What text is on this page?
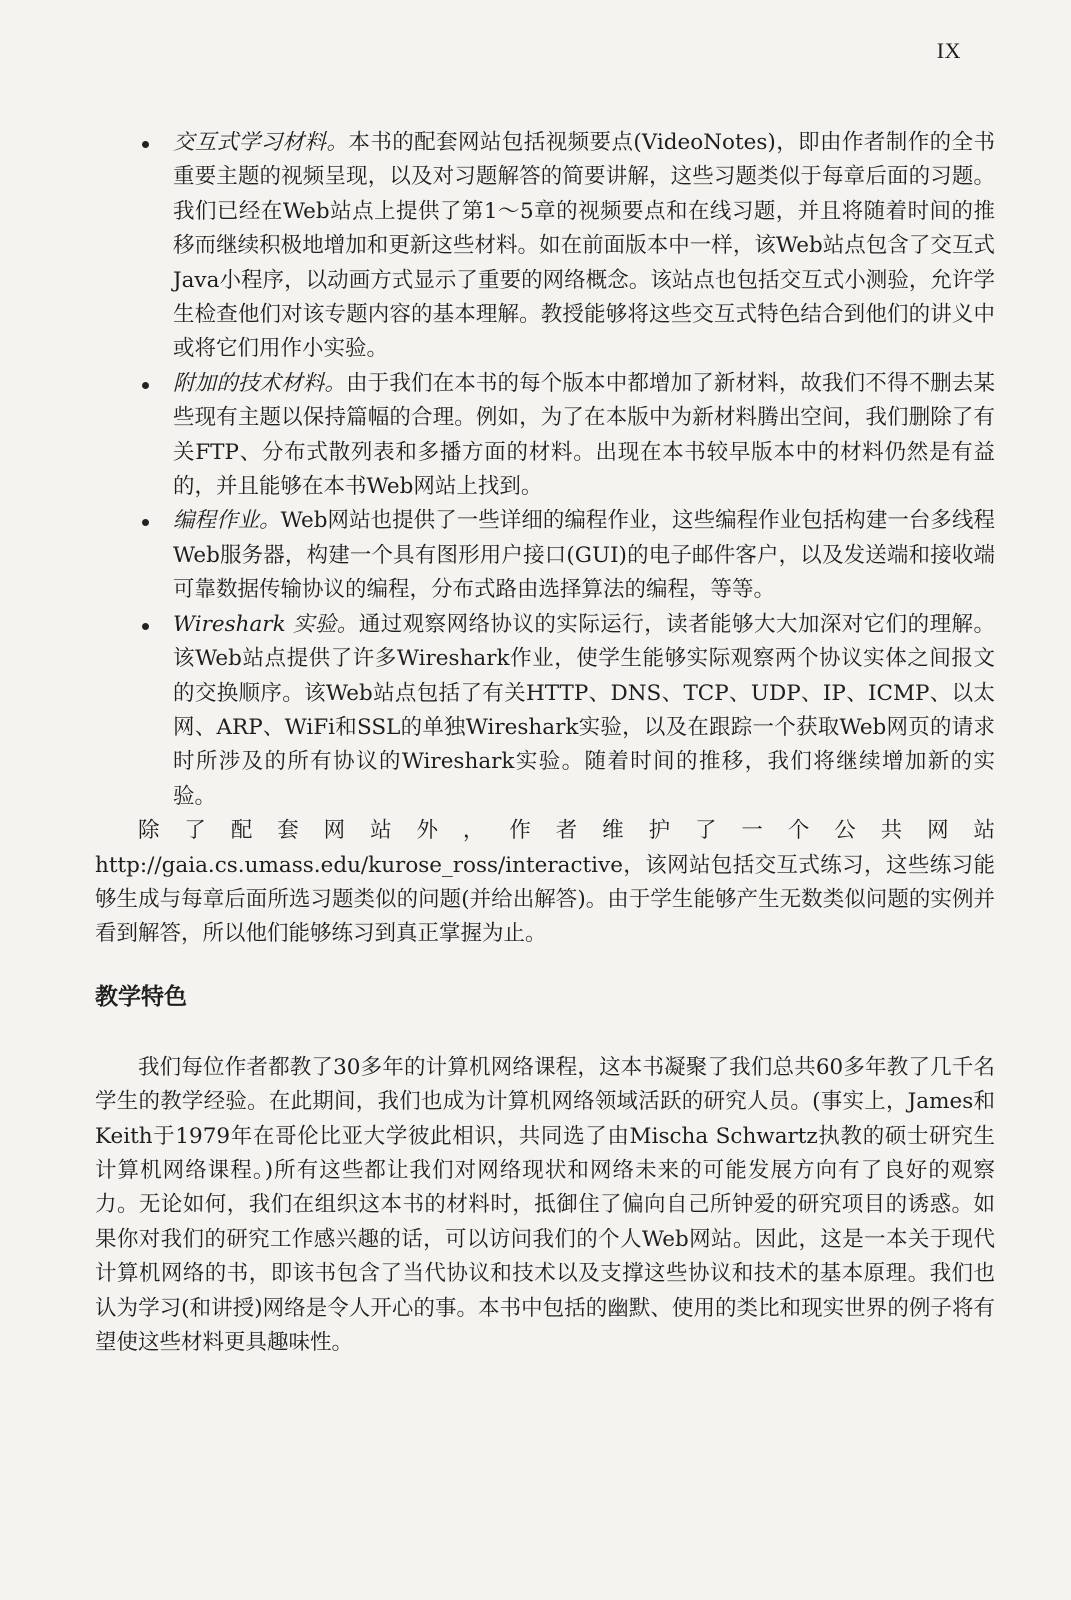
IX
交互式学习材料。本书的配套网站包括视频要点(VideoNotes)，即由作者制作的全书重要主题的视频呈现，以及对习题解答的简要讲解，这些习题类似于每章后面的习题。我们已经在Web站点上提供了第1～5章的视频要点和在线习题，并且将随着时间的推移而继续积极地增加和更新这些材料。如在前面版本中一样，该Web站点包含了交互式Java小程序，以动画方式显示了重要的网络概念。该站点也包括交互式小测验，允许学生检查他们对该专题内容的基本理解。教授能够将这些交互式特色结合到他们的讲义中或将它们用作小实验。
附加的技术材料。由于我们在本书的每个版本中都增加了新材料，故我们不得不删去某些现有主题以保持篇幅的合理。例如，为了在本版中为新材料腾出空间，我们删除了有关FTP、分布式散列表和多播方面的材料。出现在本书较早版本中的材料仍然是有益的，并且能够在本书Web网站上找到。
编程作业。Web网站也提供了一些详细的编程作业，这些编程作业包括构建一台多线程Web服务器，构建一个具有图形用户接口(GUI)的电子邮件客户，以及发送端和接收端可靠数据传输协议的编程，分布式路由选择算法的编程，等等。
Wireshark 实验。通过观察网络协议的实际运行，读者能够大大加深对它们的理解。该Web站点提供了许多Wireshark作业，使学生能够实际观察两个协议实体之间报文的交换顺序。该Web站点包括了有关HTTP、DNS、TCP、UDP、IP、ICMP、以太网、ARP、WiFi和SSL的单独Wireshark实验，以及在跟踪一个获取Web网页的请求时所涉及的所有协议的Wireshark实验。随着时间的推移，我们将继续增加新的实验。

除了配套网站外，作者维护了一个公共网站 http://gaia.cs.umass.edu/kurose_ross/interactive，该网站包括交互式练习，这些练习能够生成与每章后面所选习题类似的问题(并给出解答)。由于学生能够产生无数类似问题的实例并看到解答，所以他们能够练习到真正掌握为止。

教学特色

我们每位作者都教了30多年的计算机网络课程，这本书凝聚了我们总共60多年教了几千名学生的教学经验。在此期间，我们也成为计算机网络领域活跃的研究人员。(事实上，James和Keith于1979年在哥伦比亚大学彼此相识，共同选了由Mischa Schwartz执教的硕士研究生计算机网络课程。)所有这些都让我们对网络现状和网络未来的可能发展方向有了良好的观察力。无论如何，我们在组织这本书的材料时，抵御住了偏向自己所钟爱的研究项目的诱惑。如果你对我们的研究工作感兴趣的话，可以访问我们的个人Web网站。因此，这是一本关于现代计算机网络的书，即该书包含了当代协议和技术以及支撑这些协议和技术的基本原理。我们也认为学习(和讲授)网络是令人开心的事。本书中包括的幽默、使用的类比和现实世界的例子将有望使这些材料更具趣味性。
